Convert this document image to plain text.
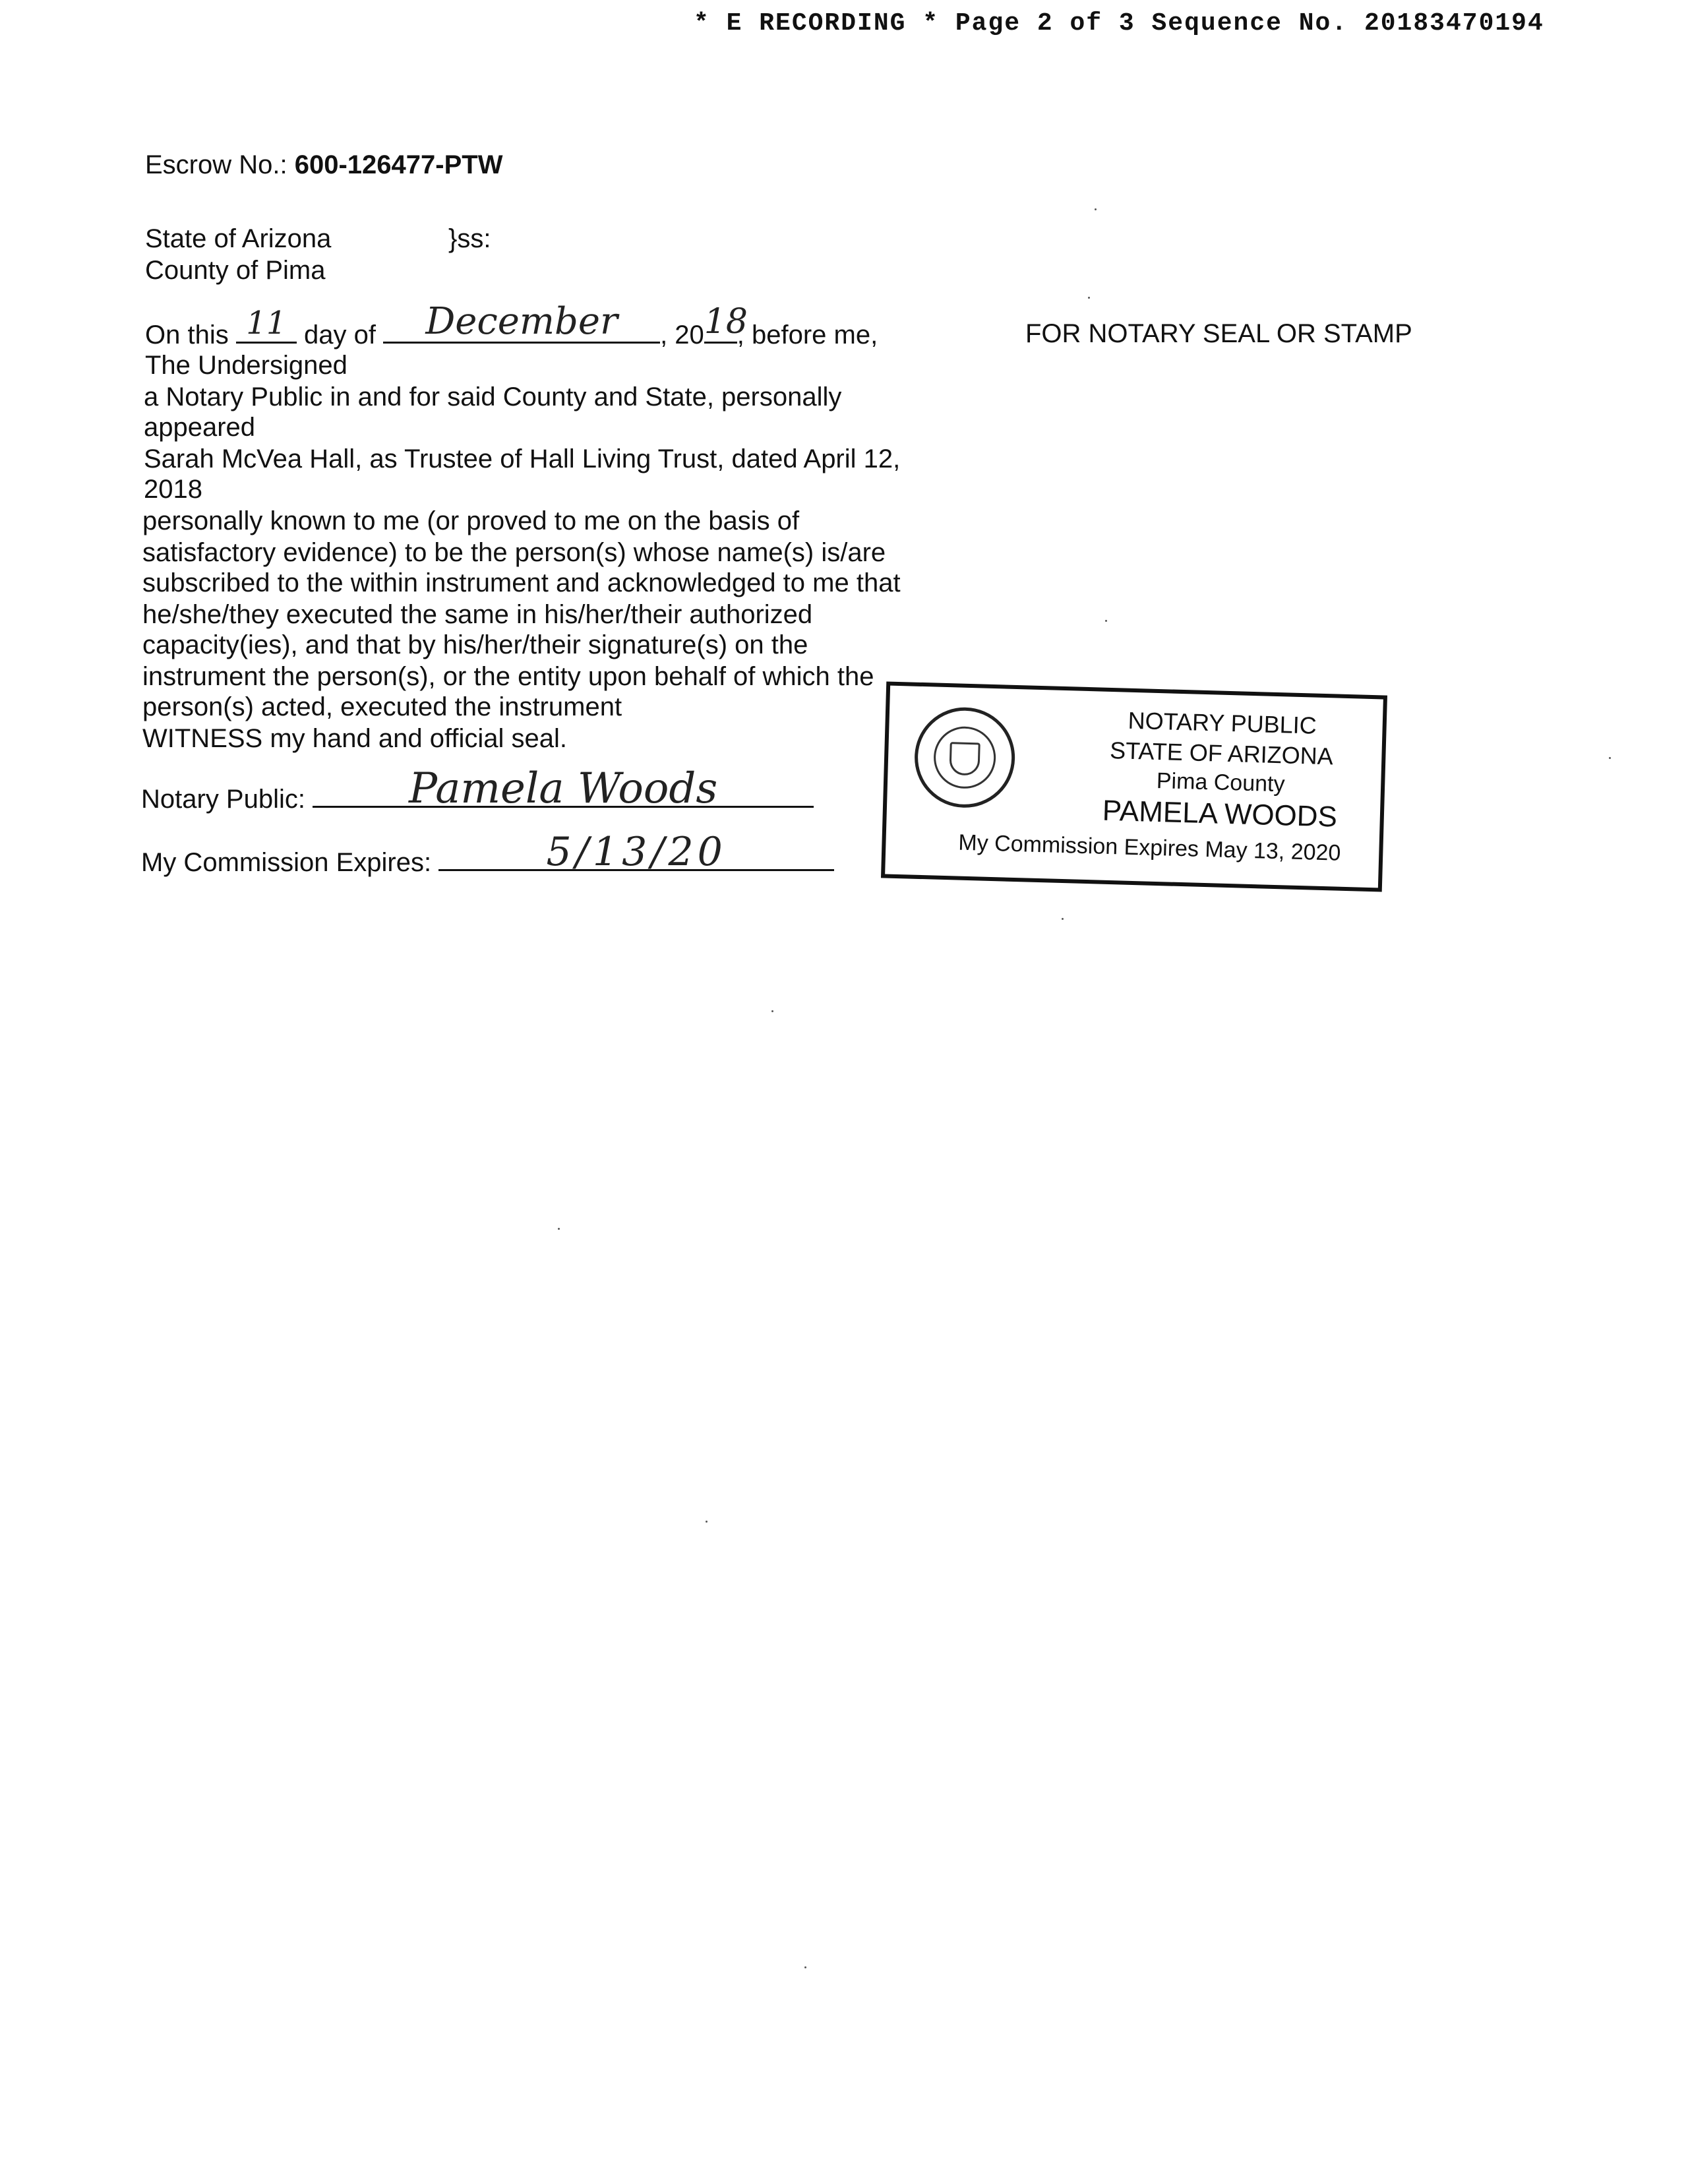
* E RECORDING * Page 2 of 3 Sequence No. 20183470194
Escrow No.: 600-126477-PTW
State of Arizona	}ss:
County of Pima
On this 11 day of	December	, 20 18
, before me,	FOR NOTARY SEAL OR STAMP
The Undersigned
a Notary Public in and for said County and State, personally
appeared
Sarah McVea Hall, as Trustee of Hall Living Trust, dated April 12,
2018
personally known to me (or proved to me on the basis of
satisfactory evidence) to be the person(s) whose name(s) is/are
subscribed to the within instrument and acknowledged to me that
he/she/they executed the same in his/her/their authorized
capacity(ies), and that by his/her/their signature(s) on the
instrument the person(s), or the entity upon behalf of which the
person(s) acted, executed the instrument
WITNESS my hand and official seal.
Notary Public:	Pamela Woods
My Commission Expires:	5/13/20
NOTARY PUBLIC
STATE OF ARIZONA
Pima County
PAMELA WOODS
My Commission Expires May 13, 2020
